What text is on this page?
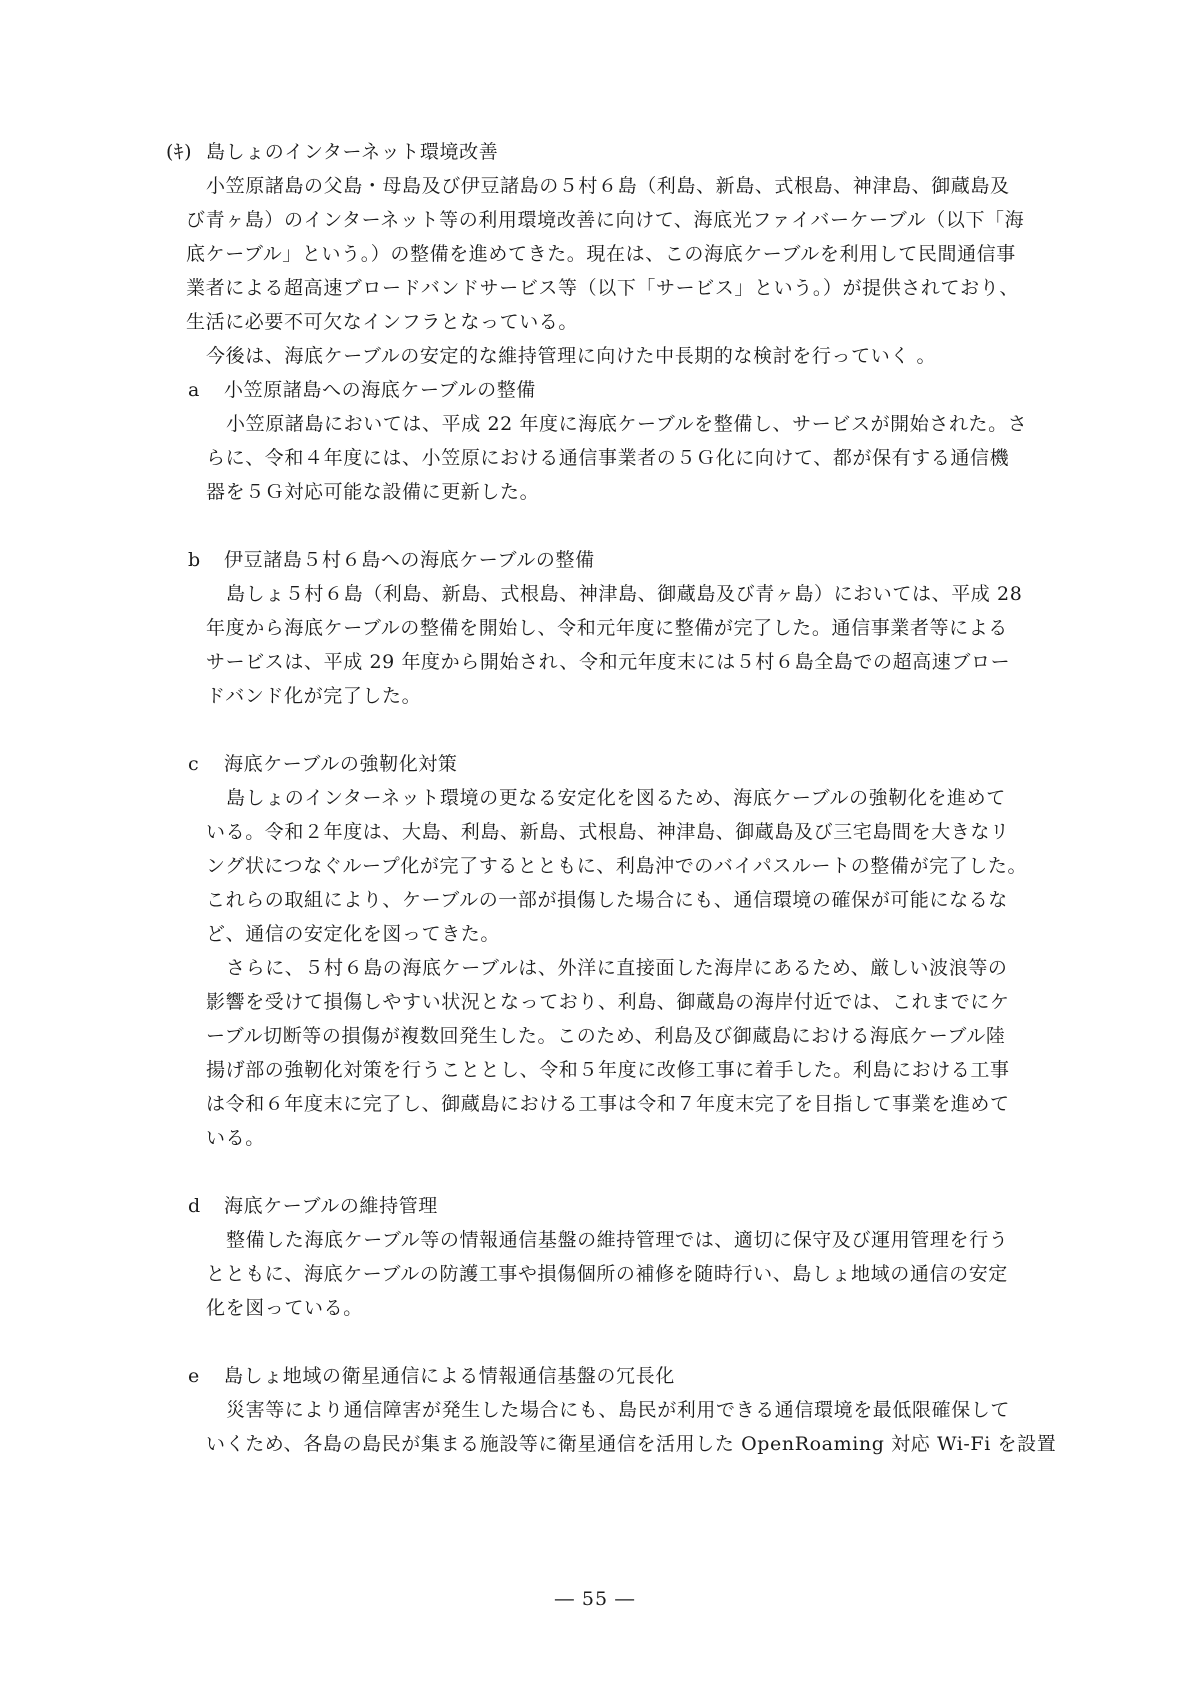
(ｷ) 島しょのインターネット環境改善
小笠原諸島の父島・母島及び伊豆諸島の５村６島（利島、新島、式根島、神津島、御蔵島及
び青ヶ島）のインターネット等の利用環境改善に向けて、海底光ファイバーケーブル（以下「海
底ケーブル」という。）の整備を進めてきた。現在は、この海底ケーブルを利用して民間通信事
業者による超高速ブロードバンドサービス等（以下「サービス」という。）が提供されており、
生活に必要不可欠なインフラとなっている。
今後は、海底ケーブルの安定的な維持管理に向けた中長期的な検討を行っていく 。
a 小笠原諸島への海底ケーブルの整備
小笠原諸島においては、平成 22 年度に海底ケーブルを整備し、サービスが開始された。さ
らに、令和４年度には、小笠原における通信事業者の５Ｇ化に向けて、都が保有する通信機
器を５Ｇ対応可能な設備に更新した。
b 伊豆諸島５村６島への海底ケーブルの整備
島しょ５村６島（利島、新島、式根島、神津島、御蔵島及び青ヶ島）においては、平成 28
年度から海底ケーブルの整備を開始し、令和元年度に整備が完了した。通信事業者等による
サービスは、平成 29 年度から開始され、令和元年度末には５村６島全島での超高速ブロー
ドバンド化が完了した。
c 海底ケーブルの強靭化対策
島しょのインターネット環境の更なる安定化を図るため、海底ケーブルの強靭化を進めて
いる。令和２年度は、大島、利島、新島、式根島、神津島、御蔵島及び三宅島間を大きなリ
ング状につなぐループ化が完了するとともに、利島沖でのバイパスルートの整備が完了した。
これらの取組により、ケーブルの一部が損傷した場合にも、通信環境の確保が可能になるな
ど、通信の安定化を図ってきた。
さらに、５村６島の海底ケーブルは、外洋に直接面した海岸にあるため、厳しい波浪等の
影響を受けて損傷しやすい状況となっており、利島、御蔵島の海岸付近では、これまでにケ
ーブル切断等の損傷が複数回発生した。このため、利島及び御蔵島における海底ケーブル陸
揚げ部の強靭化対策を行うこととし、令和５年度に改修工事に着手した。利島における工事
は令和６年度末に完了し、御蔵島における工事は令和７年度末完了を目指して事業を進めて
いる。
d 海底ケーブルの維持管理
整備した海底ケーブル等の情報通信基盤の維持管理では、適切に保守及び運用管理を行う
とともに、海底ケーブルの防護工事や損傷個所の補修を随時行い、島しょ地域の通信の安定
化を図っている。
e 島しょ地域の衛星通信による情報通信基盤の冗長化
災害等により通信障害が発生した場合にも、島民が利用できる通信環境を最低限確保して
いくため、各島の島民が集まる施設等に衛星通信を活用した OpenRoaming 対応 Wi-Fi を設置
― 55 ―
